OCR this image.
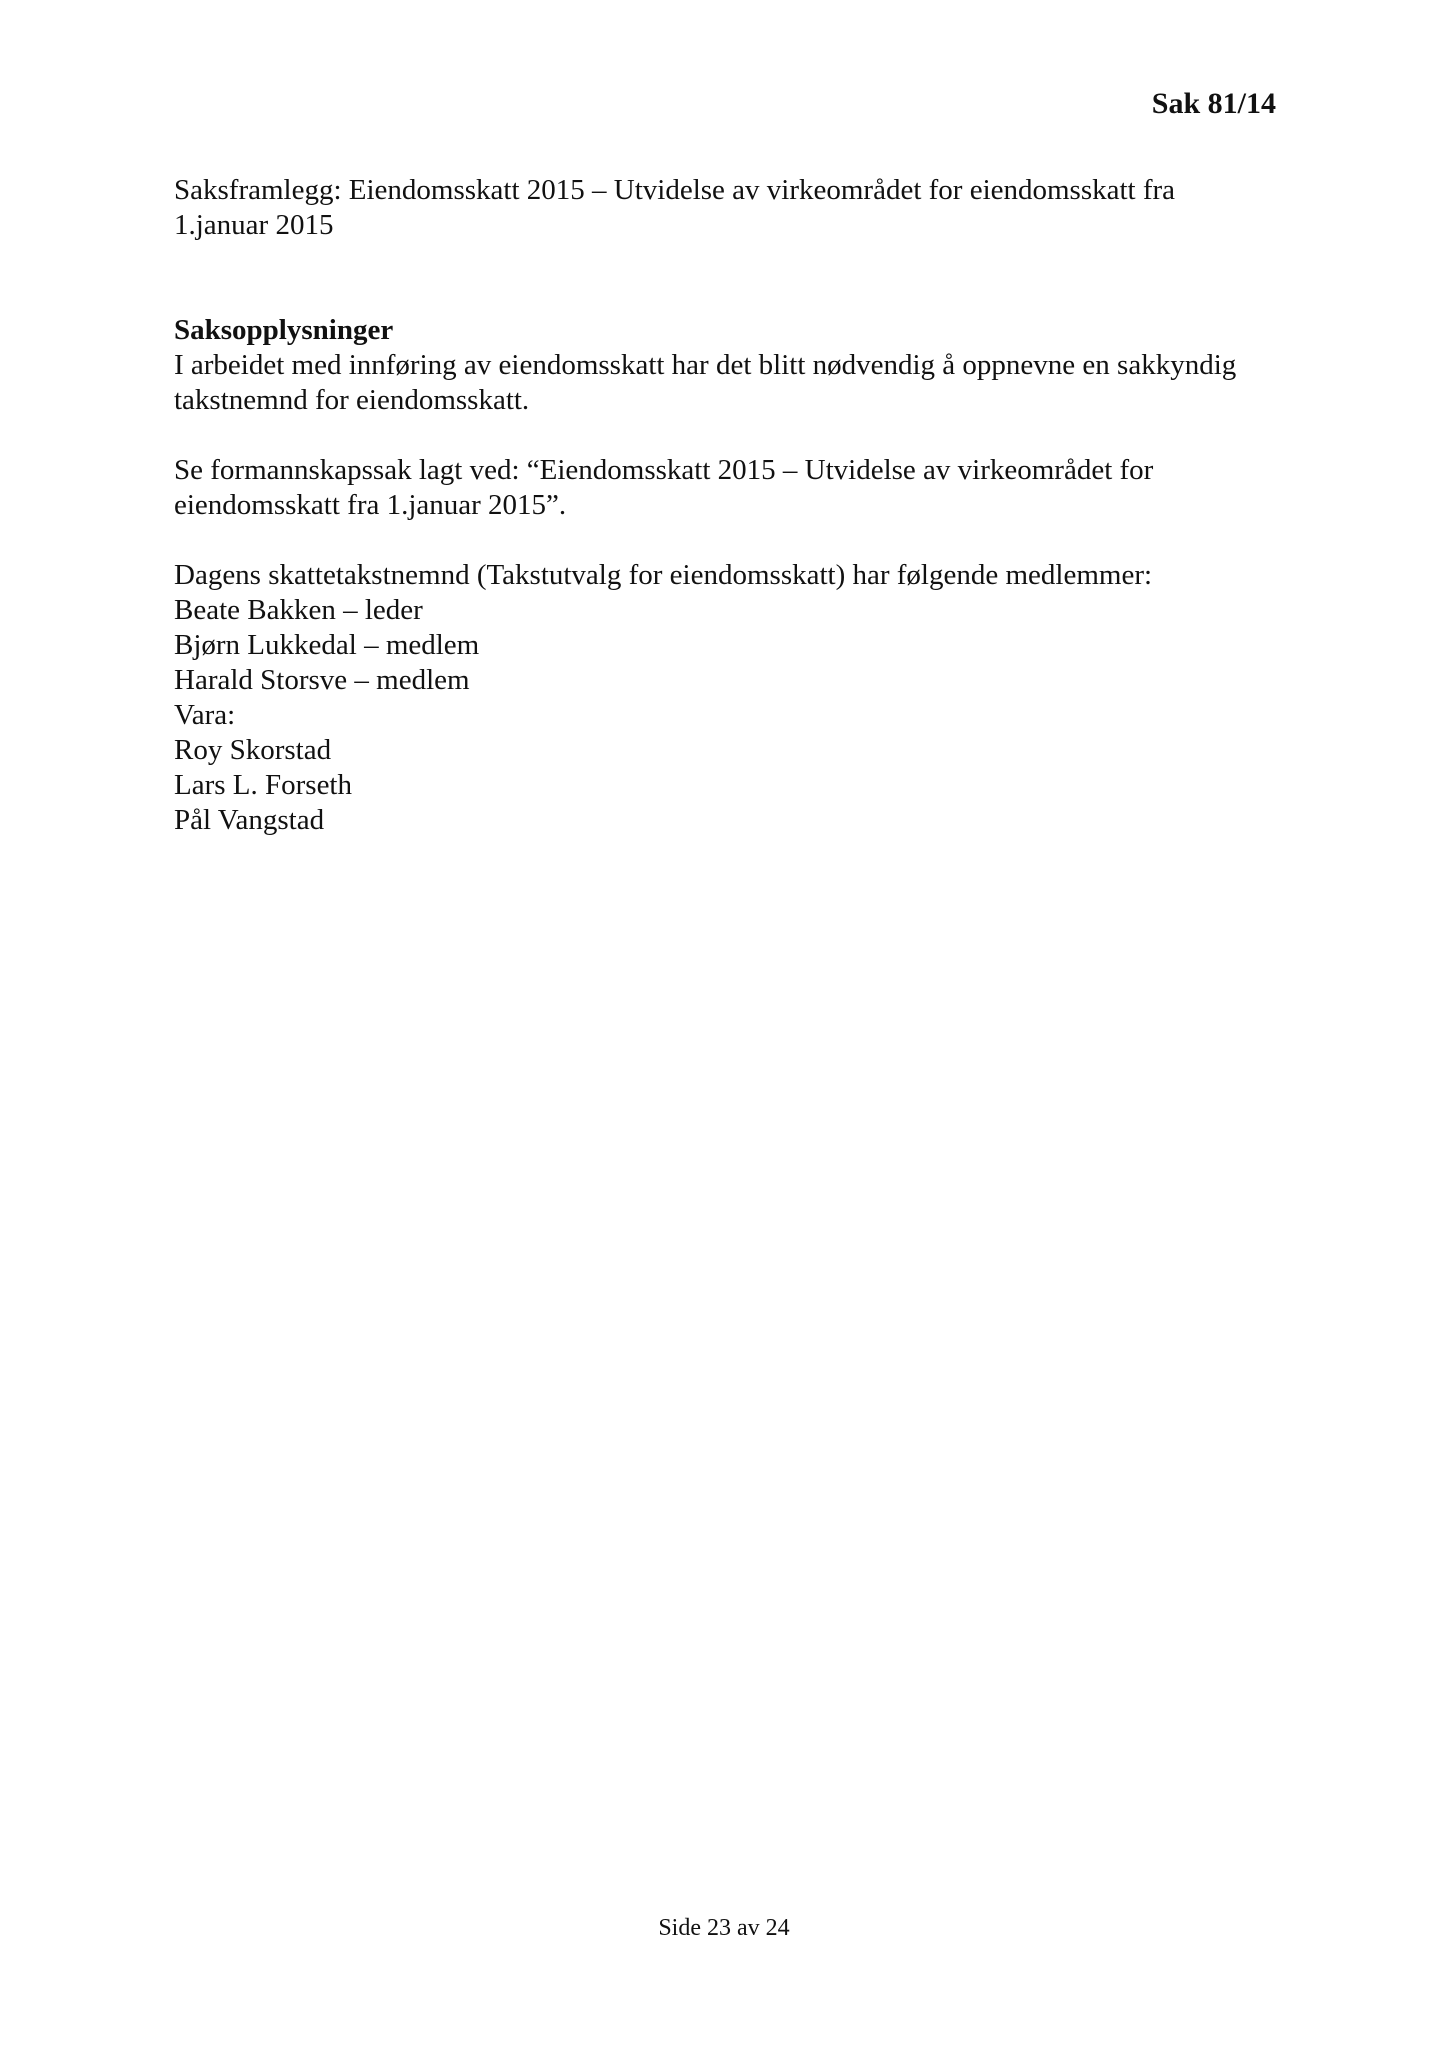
Sak 81/14

Saksframlegg: Eiendomsskatt 2015 – Utvidelse av virkeområdet for eiendomsskatt fra

1.januar 2015

Saksopplysninger

I arbeidet med innføring av eiendomsskatt har det blitt nødvendig å oppnevne en sakkyndig

takstnemnd for eiendomsskatt.

Se formannskapssak lagt ved: “Eiendomsskatt 2015 – Utvidelse av virkeområdet for

eiendomsskatt fra 1.januar 2015”.

Dagens skattetakstnemnd (Takstutvalg for eiendomsskatt) har følgende medlemmer:

Beate Bakken – leder
Bjørn Lukkedal – medlem
Harald Storsve – medlem

Vara:

Roy Skorstad
Lars L. Forseth
Pål Vangstad
Side 23 av 24
